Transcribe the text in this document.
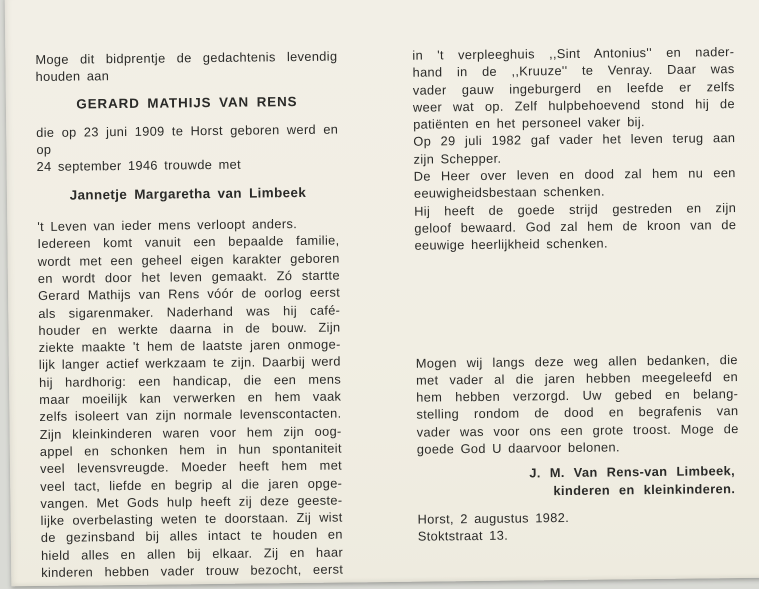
Moge dit bidprentje de gedachtenis levendig
houden aan
GERARD MATHIJS VAN RENS
die op 23 juni 1909 te Horst geboren werd en op
24 september 1946 trouwde met
Jannetje Margaretha van Limbeek
't Leven van ieder mens verloopt anders.
Iedereen komt vanuit een bepaalde familie,
wordt met een geheel eigen karakter geboren
en wordt door het leven gemaakt. Zó startte
Gerard Mathijs van Rens vóór de oorlog eerst
als sigarenmaker. Naderhand was hij café-
houder en werkte daarna in de bouw. Zijn
ziekte maakte 't hem de laatste jaren onmoge-
lijk langer actief werkzaam te zijn. Daarbij werd
hij hardhorig: een handicap, die een mens
maar moeilijk kan verwerken en hem vaak
zelfs isoleert van zijn normale levenscontacten.
Zijn kleinkinderen waren voor hem zijn oog-
appel en schonken hem in hun spontaniteit
veel levensvreugde. Moeder heeft hem met
veel tact, liefde en begrip al die jaren opge-
vangen. Met Gods hulp heeft zij deze geeste-
lijke overbelasting weten te doorstaan. Zij wist
de gezinsband bij alles intact te houden en
hield alles en allen bij elkaar. Zij en haar
kinderen hebben vader trouw bezocht, eerst
in 't verpleeghuis ,,Sint Antonius'' en nader-
hand in de ,,Kruuze'' te Venray. Daar was
vader gauw ingeburgerd en leefde er zelfs
weer wat op. Zelf hulpbehoevend stond hij de
patiënten en het personeel vaker bij.
Op 29 juli 1982 gaf vader het leven terug aan
zijn Schepper.
De Heer over leven en dood zal hem nu een
eeuwigheidsbestaan schenken.
Hij heeft de goede strijd gestreden en zijn
geloof bewaard. God zal hem de kroon van de
eeuwige heerlijkheid schenken.
Mogen wij langs deze weg allen bedanken, die
met vader al die jaren hebben meegeleefd en
hem hebben verzorgd. Uw gebed en belang-
stelling rondom de dood en begrafenis van
vader was voor ons een grote troost. Moge de
goede God U daarvoor belonen.
J. M. Van Rens-van Limbeek,
kinderen en kleinkinderen.
Horst, 2 augustus 1982.
Stoktstraat 13.
